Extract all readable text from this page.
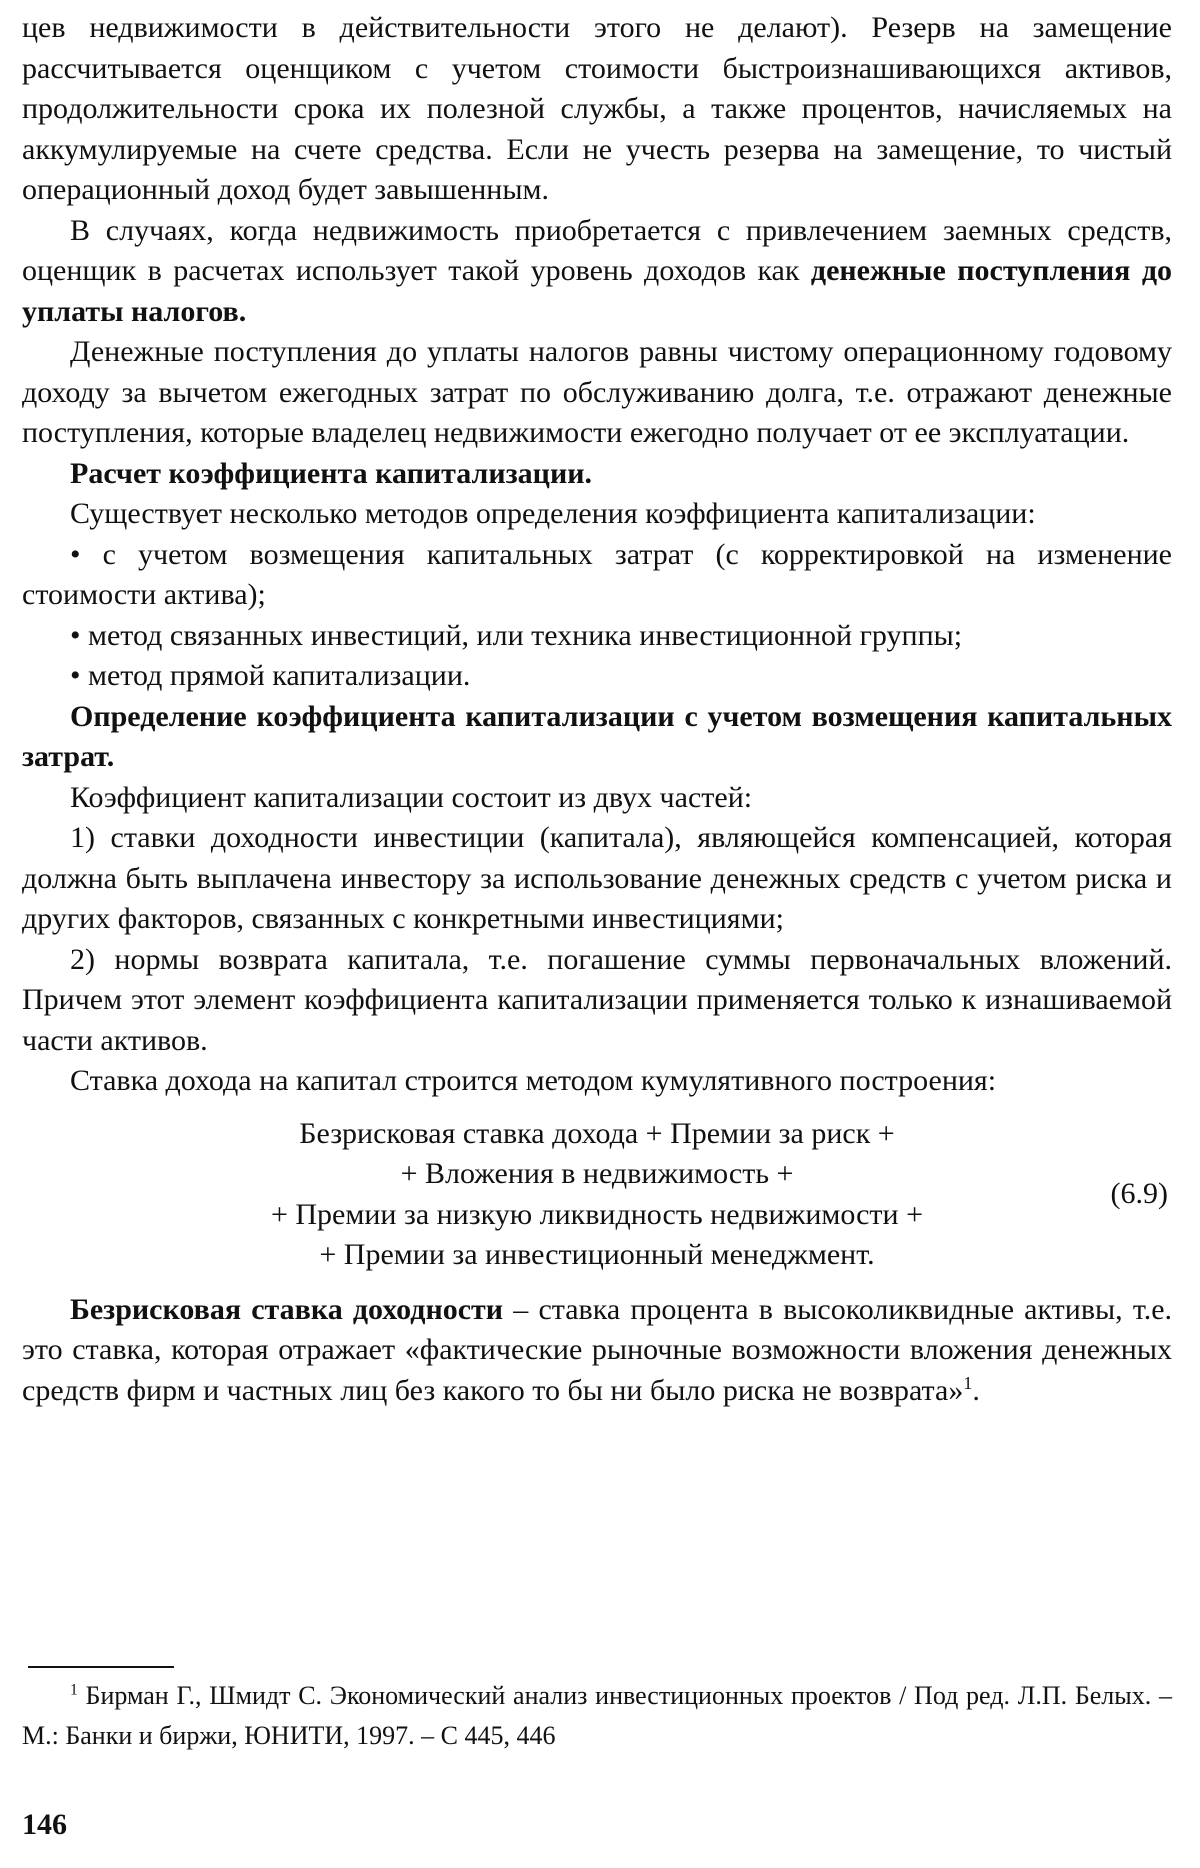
цев недвижимости в действительности этого не делают). Резерв на замещение рассчитывается оценщиком с учетом стоимости быстроизнашивающихся активов, продолжительности срока их полезной службы, а также процентов, начисляемых на аккумулируемые на счете средства. Если не учесть резерва на замещение, то чистый операционный доход будет завышенным.

В случаях, когда недвижимость приобретается с привлечением заемных средств, оценщик в расчетах использует такой уровень доходов как денежные поступления до уплаты налогов.

Денежные поступления до уплаты налогов равны чистому операционному годовому доходу за вычетом ежегодных затрат по обслуживанию долга, т.е. отражают денежные поступления, которые владелец недвижимости ежегодно получает от ее эксплуатации.

Расчет коэффициента капитализации.

Существует несколько методов определения коэффициента капитализации:

• с учетом возмещения капитальных затрат (с корректировкой на изменение стоимости актива);

• метод связанных инвестиций, или техника инвестиционной группы;

• метод прямой капитализации.

Определение коэффициента капитализации с учетом возмещения капитальных затрат.

Коэффициент капитализации состоит из двух частей:

1) ставки доходности инвестиции (капитала), являющейся компенсацией, которая должна быть выплачена инвестору за использование денежных средств с учетом риска и других факторов, связанных с конкретными инвестициями;

2) нормы возврата капитала, т.е. погашение суммы первоначальных вложений. Причем этот элемент коэффициента капитализации применяется только к изнашиваемой части активов.

Ставка дохода на капитал строится методом кумулятивного построения:

Безрисковая ставка дохода + Премии за риск +
+ Вложения в недвижимость +
+ Премии за низкую ликвидность недвижимости +
+ Премии за инвестиционный менеджмент.
(6.9)

Безрисковая ставка доходности – ставка процента в высоколиквидные активы, т.е. это ставка, которая отражает «фактические рыночные возможности вложения денежных средств фирм и частных лиц без какого то бы ни было риска не возврата»$^1$.

$^1$ Бирман Г., Шмидт С. Экономический анализ инвестиционных проектов / Под ред. Л.П. Белых. – М.: Банки и биржи, ЮНИТИ, 1997. – С 445, 446
146
